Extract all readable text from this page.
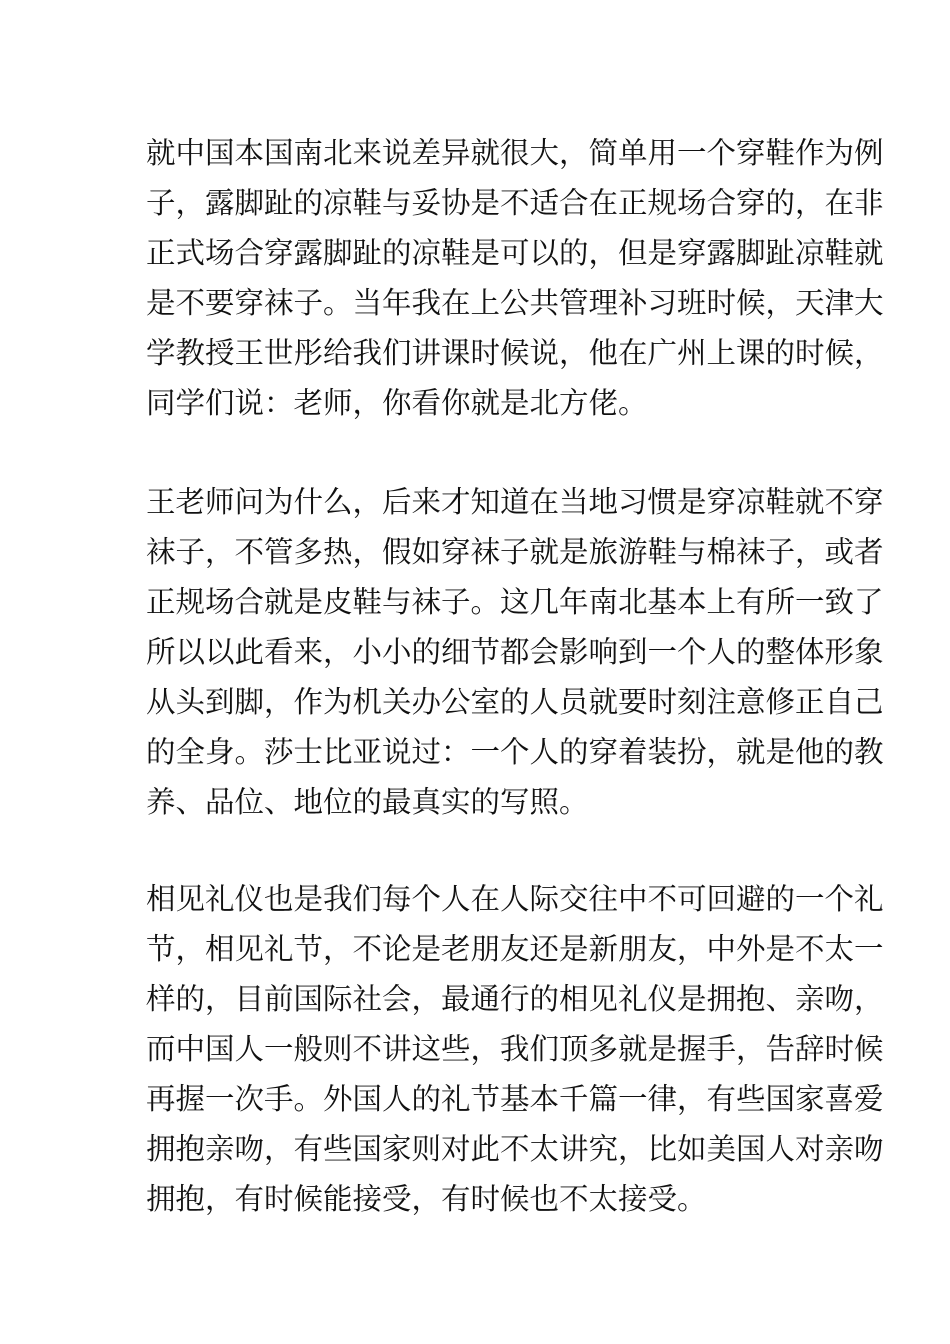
就中国本国南北来说差异就很大，简单用一个穿鞋作为例
子，露脚趾的凉鞋与妥协是不适合在正规场合穿的，在非
正式场合穿露脚趾的凉鞋是可以的，但是穿露脚趾凉鞋就
是不要穿袜子。当年我在上公共管理补习班时候，天津大
学教授王世彤给我们讲课时候说，他在广州上课的时候，
同学们说：老师，你看你就是北方佬。
王老师问为什么，后来才知道在当地习惯是穿凉鞋就不穿
袜子，不管多热，假如穿袜子就是旅游鞋与棉袜子，或者
正规场合就是皮鞋与袜子。这几年南北基本上有所一致了
所以以此看来，小小的细节都会影响到一个人的整体形象
从头到脚，作为机关办公室的人员就要时刻注意修正自己
的全身。莎士比亚说过：一个人的穿着装扮，就是他的教
养、品位、地位的最真实的写照。
相见礼仪也是我们每个人在人际交往中不可回避的一个礼
节，相见礼节，不论是老朋友还是新朋友，中外是不太一
样的，目前国际社会，最通行的相见礼仪是拥抱、亲吻，
而中国人一般则不讲这些，我们顶多就是握手，告辞时候
再握一次手。外国人的礼节基本千篇一律，有些国家喜爱
拥抱亲吻，有些国家则对此不太讲究，比如美国人对亲吻
拥抱，有时候能接受，有时候也不太接受。
